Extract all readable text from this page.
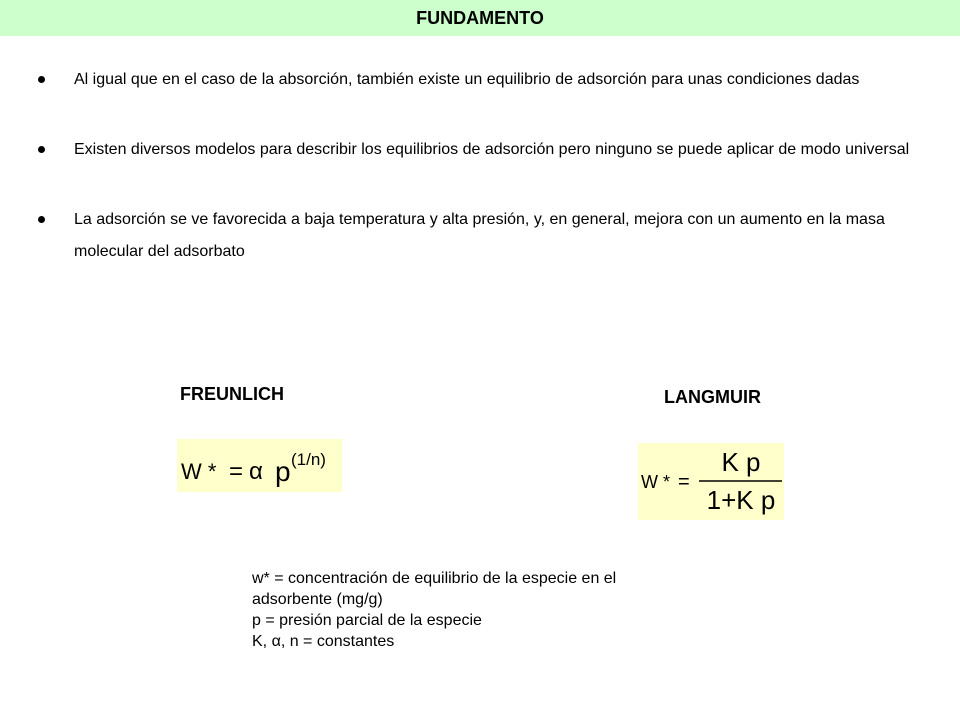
FUNDAMENTO
Al igual que en el caso de la absorción, también existe un equilibrio de adsorción para unas condiciones dadas
Existen diversos modelos para describir los equilibrios de adsorción pero ninguno se puede aplicar de modo universal
La adsorción se ve favorecida a baja temperatura y alta presión, y, en general, mejora con un aumento en la masa molecular del adsorbato
FREUNLICH	LANGMUIR
W * = α p (1/n)
W * =
K p
1+K p
w* = concentración de equilibrio de la especie en el
adsorbente (mg/g)
p = presión parcial de la especie
K, α, n = constantes
